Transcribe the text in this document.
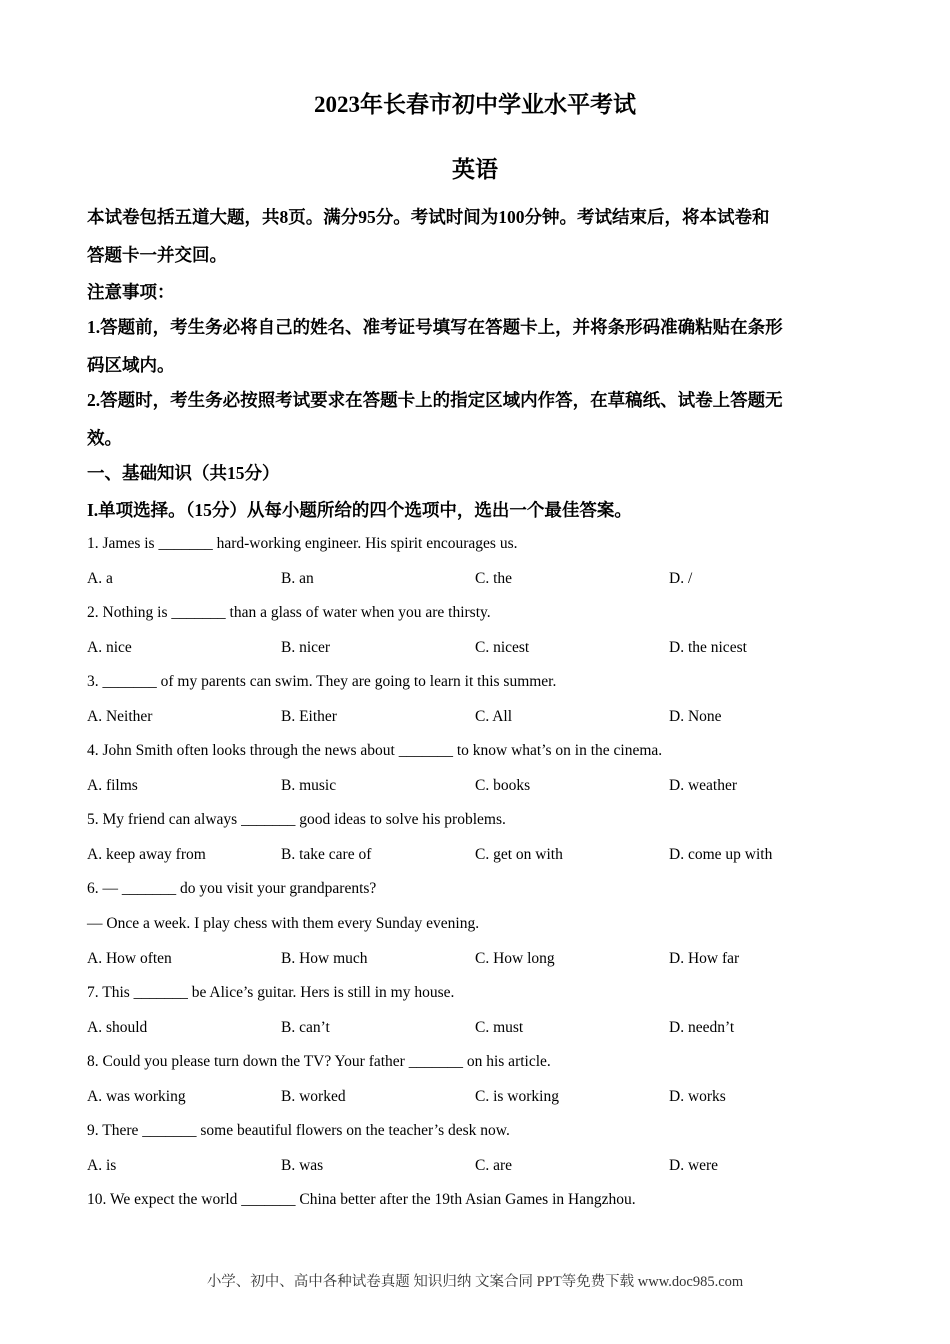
2023年长春市初中学业水平考试
英语
本试卷包括五道大题，共8页。满分95分。考试时间为100分钟。考试结束后，将本试卷和
答题卡一并交回。
注意事项：
1.答题前，考生务必将自己的姓名、准考证号填写在答题卡上，并将条形码准确粘贴在条形
码区域内。
2.答题时，考生务必按照考试要求在答题卡上的指定区域内作答，在草稿纸、试卷上答题无
效。
一、基础知识（共15分）
I.单项选择。（15分）从每小题所给的四个选项中，选出一个最佳答案。
1. James is _______ hard-working engineer. His spirit encourages us.
A. a	B. an	C. the	D. /
2. Nothing is _______ than a glass of water when you are thirsty.
A. nice	B. nicer	C. nicest	D. the nicest
3. _______ of my parents can swim. They are going to learn it this summer.
A. Neither	B. Either	C. All	D. None
4. John Smith often looks through the news about _______ to know what’s on in the cinema.
A. films	B. music	C. books	D. weather
5. My friend can always _______ good ideas to solve his problems.
A. keep away from	B. take care of	C. get on with	D. come up with
6. — _______ do you visit your grandparents?
— Once a week. I play chess with them every Sunday evening.
A. How often	B. How much	C. How long	D. How far
7. This _______ be Alice’s guitar. Hers is still in my house.
A. should	B. can’t	C. must	D. needn’t
8. Could you please turn down the TV? Your father _______ on his article.
A. was working	B. worked	C. is working	D. works
9. There _______ some beautiful flowers on the teacher’s desk now.
A. is	B. was	C. are	D. were
10. We expect the world _______ China better after the 19th Asian Games in Hangzhou.
小学、初中、高中各种试卷真题 知识归纳 文案合同 PPT等免费下载 www.doc985.com
